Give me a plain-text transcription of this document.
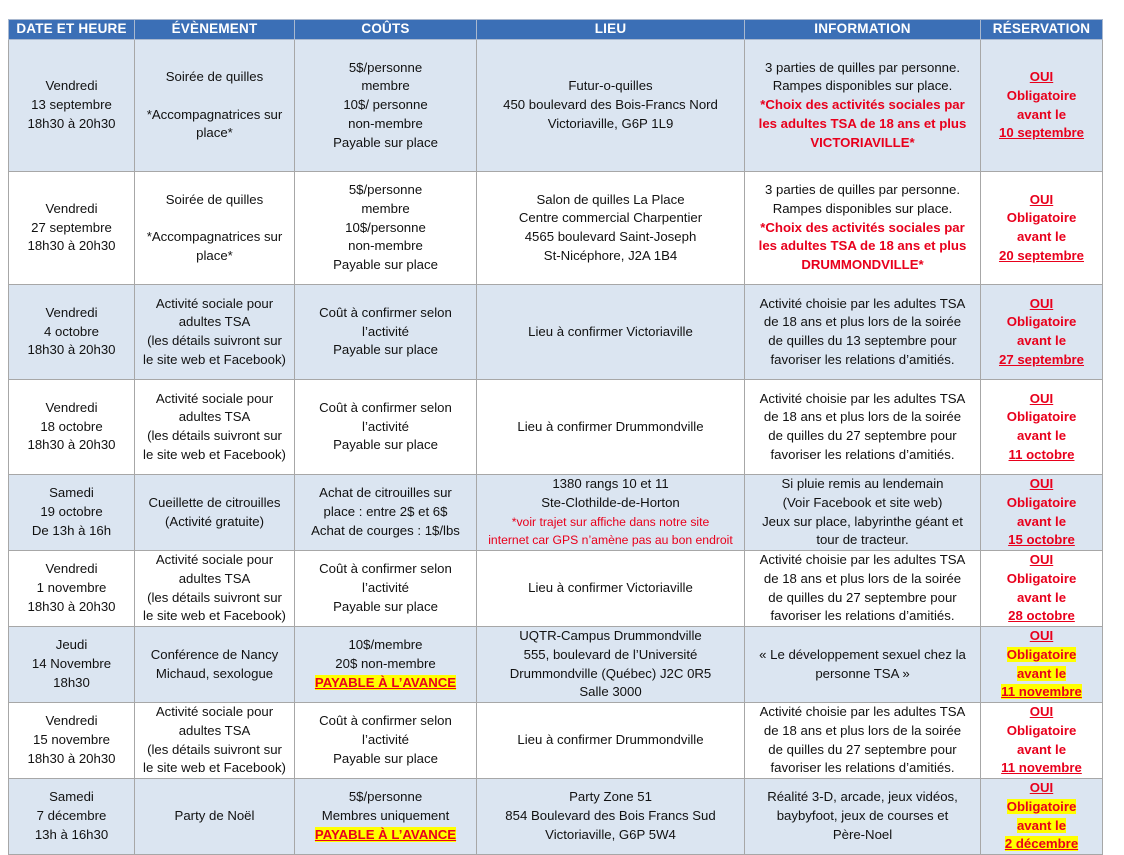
DATE ET HEURE	ÉVÈNEMENT	COÛTS	LIEU	INFORMATION	RÉSERVATION

Vendredi
13 septembre
18h30 à 20h30	Soirée de quilles

*Accompagnatrices sur
place*	5$/personne
membre
10$/ personne
non-membre
Payable sur place	Futur-o-quilles
450 boulevard des Bois-Francs Nord
Victoriaville, G6P 1L9	3 parties de quilles par personne.
Rampes disponibles sur place.
*Choix des activités sociales par
les adultes TSA de 18 ans et plus
VICTORIAVILLE*	OUI
Obligatoire
avant le
10 septembre

Vendredi
27 septembre
18h30 à 20h30	Soirée de quilles

*Accompagnatrices sur
place*	5$/personne
membre
10$/personne
non-membre
Payable sur place	Salon de quilles La Place
Centre commercial Charpentier
4565 boulevard Saint-Joseph
St-Nicéphore, J2A 1B4	3 parties de quilles par personne.
Rampes disponibles sur place.
*Choix des activités sociales par
les adultes TSA de 18 ans et plus
DRUMMONDVILLE*	OUI
Obligatoire
avant le
20 septembre

Vendredi
4 octobre
18h30 à 20h30	Activité sociale pour
adultes TSA
(les détails suivront sur
le site web et Facebook)	Coût à confirmer selon
l’activité
Payable sur place	Lieu à confirmer Victoriaville	Activité choisie par les adultes TSA
de 18 ans et plus lors de la soirée
de quilles du 13 septembre pour
favoriser les relations d’amitiés.	OUI
Obligatoire
avant le
27 septembre

Vendredi
18 octobre
18h30 à 20h30	Activité sociale pour
adultes TSA
(les détails suivront sur
le site web et Facebook)	Coût à confirmer selon
l’activité
Payable sur place	Lieu à confirmer Drummondville	Activité choisie par les adultes TSA
de 18 ans et plus lors de la soirée
de quilles du 27 septembre pour
favoriser les relations d’amitiés.	OUI
Obligatoire
avant le
11 octobre

Samedi
19 octobre
De 13h à 16h	Cueillette de citrouilles
(Activité gratuite)	Achat de citrouilles sur
place : entre 2$ et 6$
Achat de courges : 1$/lbs	1380 rangs 10 et 11
Ste-Clothilde-de-Horton
*voir trajet sur affiche dans notre site
internet car GPS n’amène pas au bon endroit	Si pluie remis au lendemain
(Voir Facebook et site web)
Jeux sur place, labyrinthe géant et
tour de tracteur.	OUI
Obligatoire
avant le
15 octobre

Vendredi
1 novembre
18h30 à 20h30	Activité sociale pour
adultes TSA
(les détails suivront sur
le site web et Facebook)	Coût à confirmer selon
l’activité
Payable sur place	Lieu à confirmer Victoriaville	Activité choisie par les adultes TSA
de 18 ans et plus lors de la soirée
de quilles du 27 septembre pour
favoriser les relations d’amitiés.	OUI
Obligatoire
avant le
28 octobre

Jeudi
14 Novembre
18h30	Conférence de Nancy
Michaud, sexologue	10$/membre
20$ non-membre
PAYABLE À L’AVANCE	UQTR-Campus Drummondville
555, boulevard de l’Université
Drummondville (Québec) J2C 0R5
Salle 3000	« Le développement sexuel chez la
personne TSA »	OUI
Obligatoire
avant le
11 novembre

Vendredi
15 novembre
18h30 à 20h30	Activité sociale pour
adultes TSA
(les détails suivront sur
le site web et Facebook)	Coût à confirmer selon
l’activité
Payable sur place	Lieu à confirmer Drummondville	Activité choisie par les adultes TSA
de 18 ans et plus lors de la soirée
de quilles du 27 septembre pour
favoriser les relations d’amitiés.	OUI
Obligatoire
avant le
11 novembre

Samedi
7 décembre
13h à 16h30	Party de Noël	5$/personne
Membres uniquement
PAYABLE À L’AVANCE	Party Zone 51
854 Boulevard des Bois Francs Sud
Victoriaville, G6P 5W4	Réalité 3-D, arcade, jeux vidéos,
baybyfoot, jeux de courses et
Père-Noel	OUI
Obligatoire
avant le
2 décembre
